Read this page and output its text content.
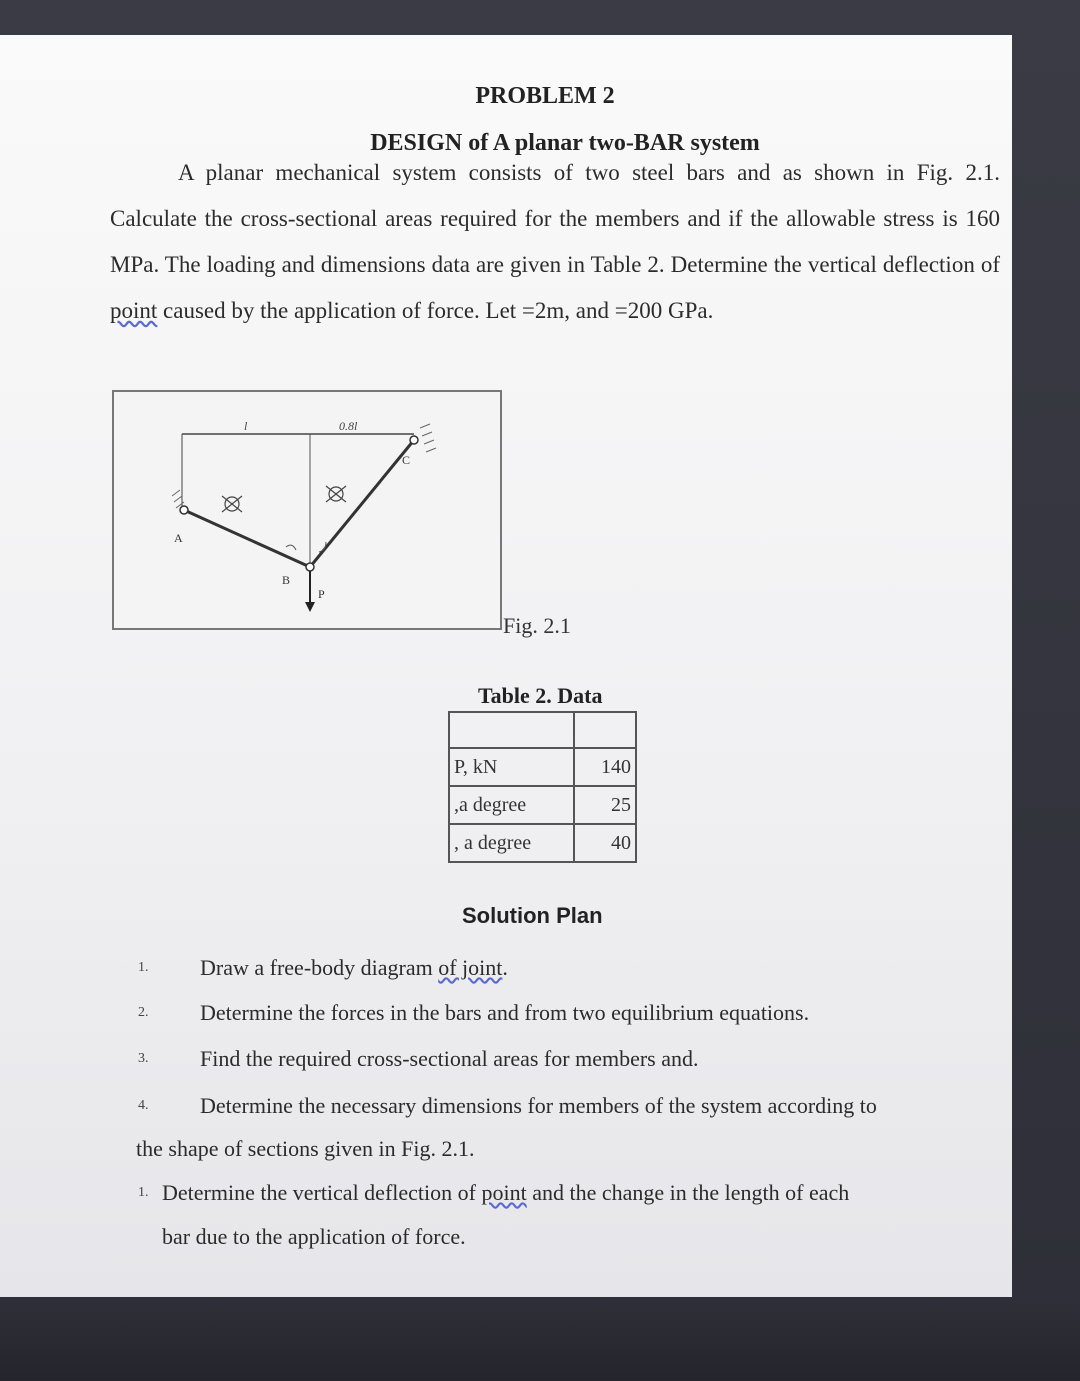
PROBLEM 2
DESIGN of A planar two-BAR system

A planar mechanical system consists of two steel bars and as shown in Fig. 2.1. Calculate the cross-sectional areas required for the members and if the allowable stress is 160 MPa. The loading and dimensions data are given in Table 2. Determine the vertical deflection of point caused by the application of force. Let =2m, and =200 GPa.

l	0.8l
A
B
C
P
Fig. 2.1
Table 2. Data

P, kN	140
,a degree	25
, a degree	40
Solution Plan
1. Draw a free-body diagram of joint.
2. Determine the forces in the bars and from two equilibrium equations.
3. Find the required cross-sectional areas for members and.
4. Determine the necessary dimensions for members of the system according to
the shape of sections given in Fig. 2.1.
1. Determine the vertical deflection of point and the change in the length of each
bar due to the application of force.
